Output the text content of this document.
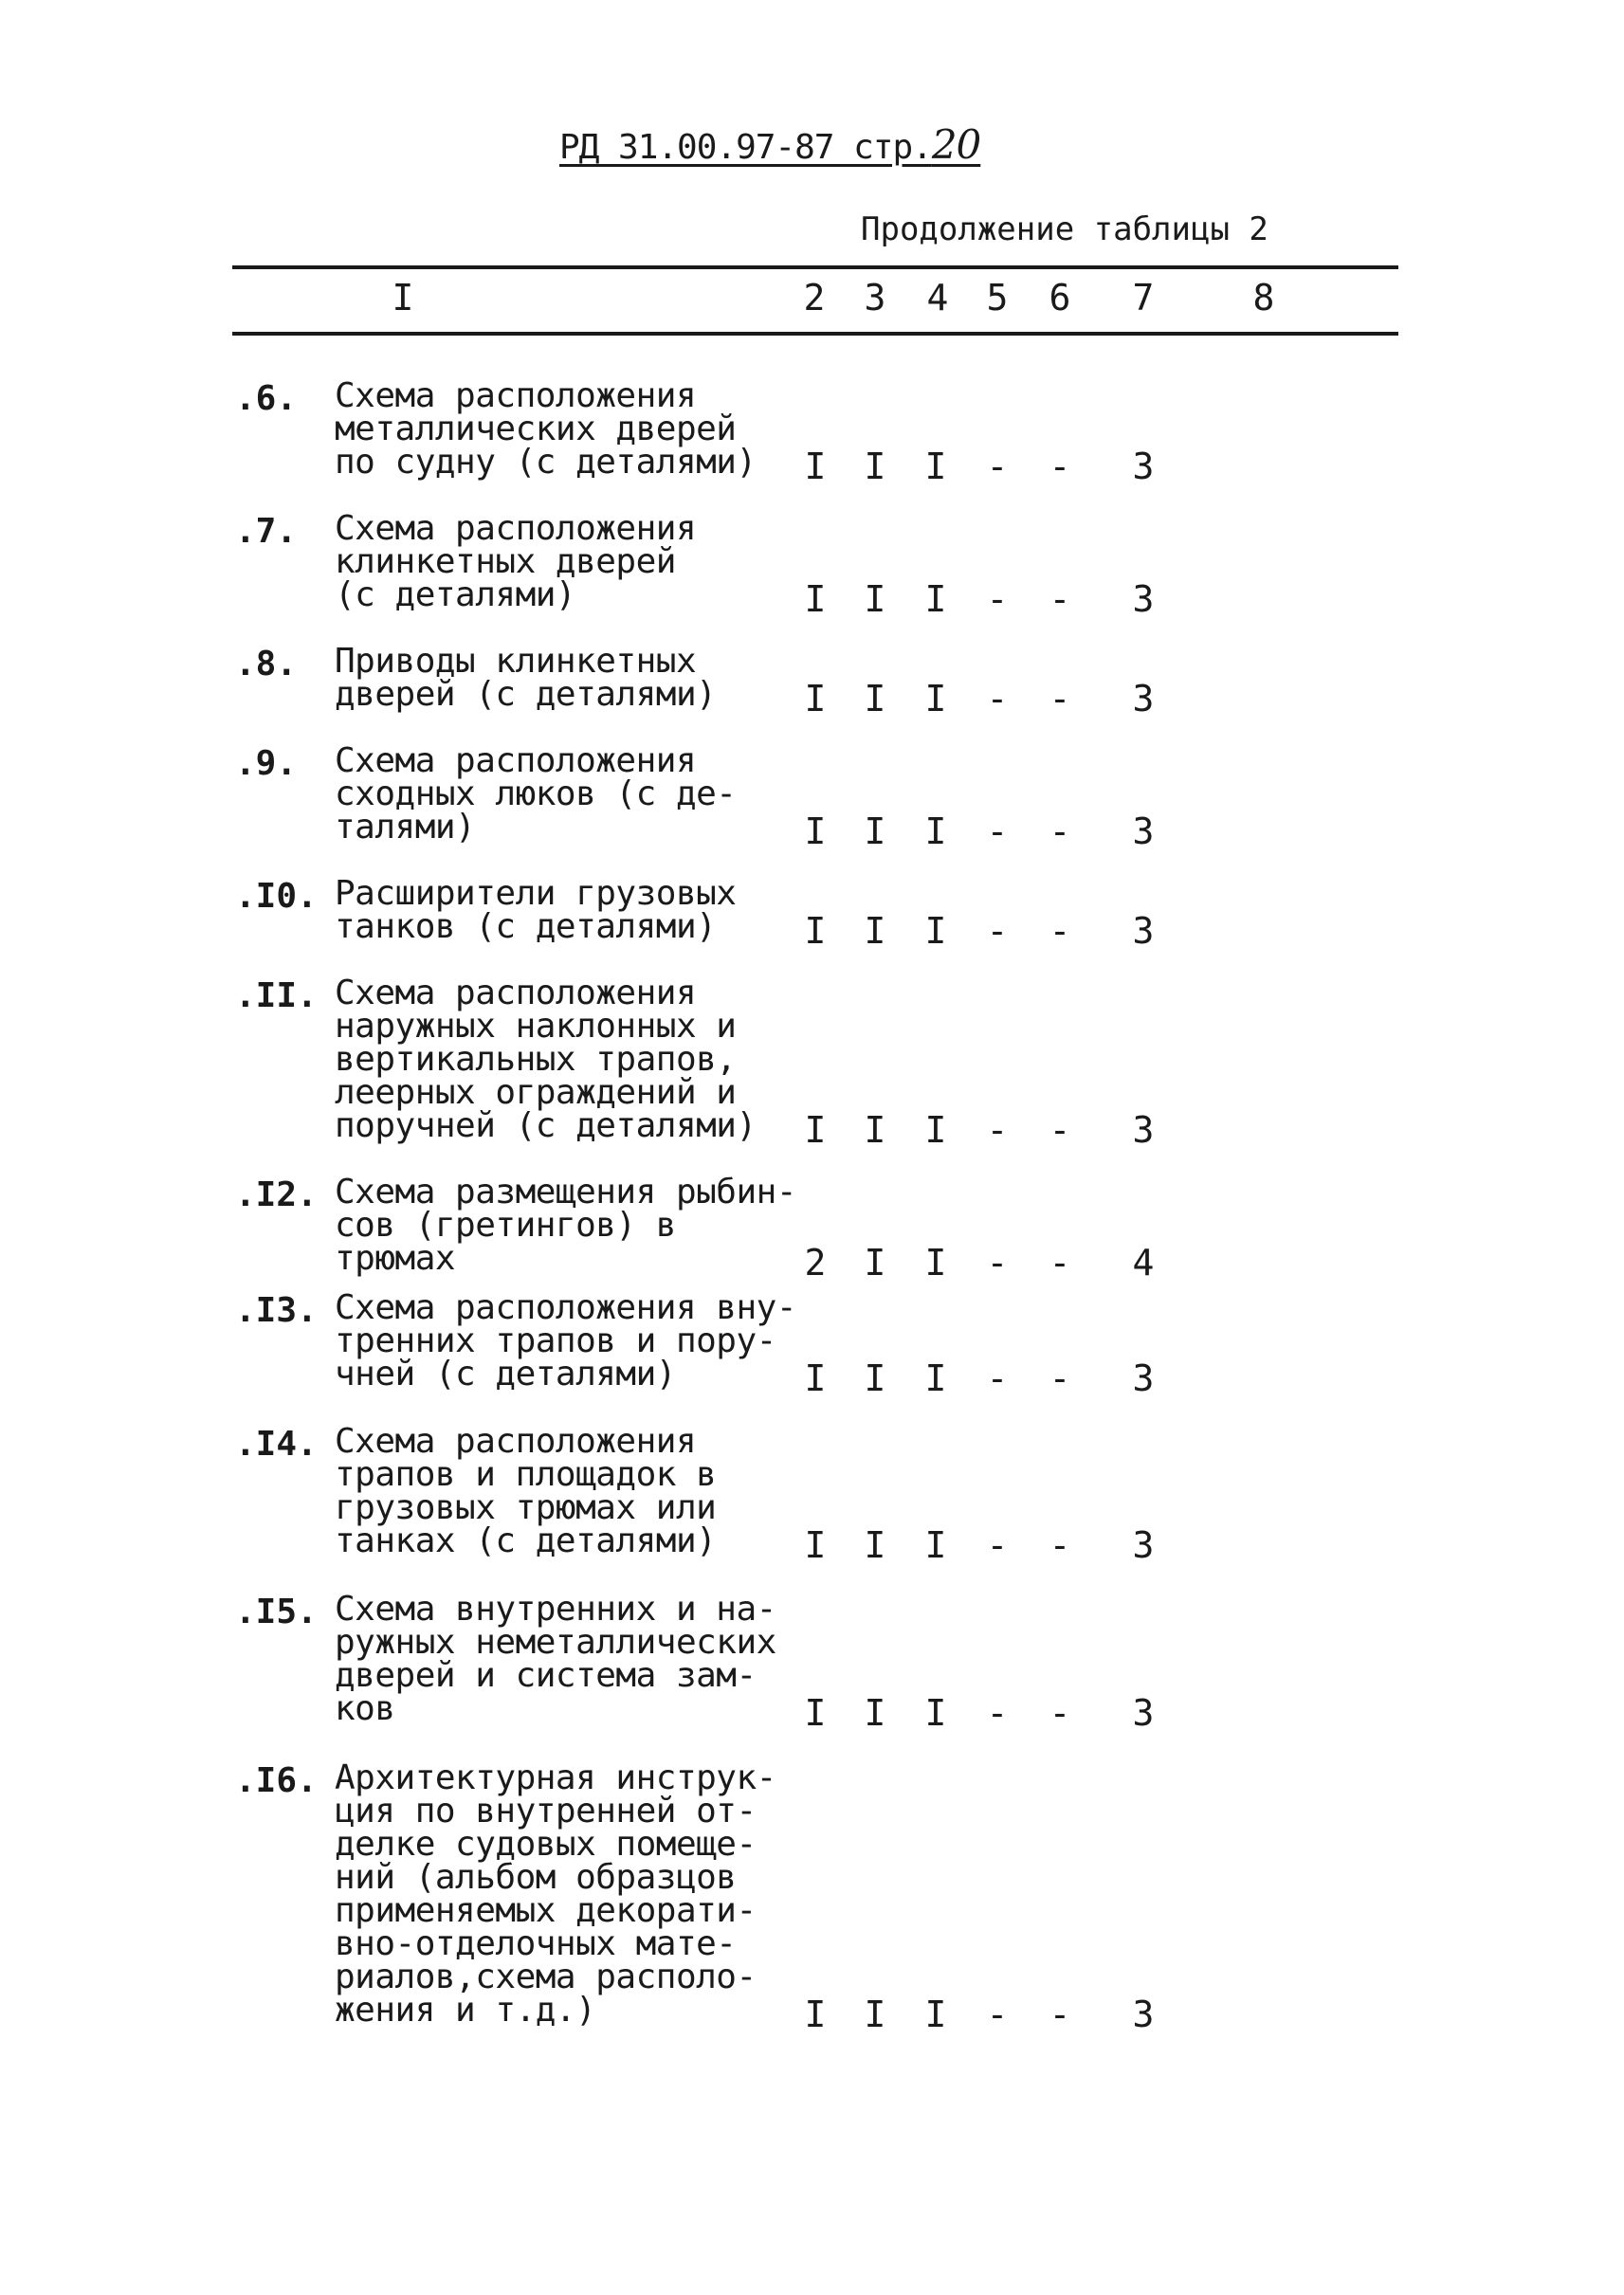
РД 31.00.97-87 стр.20
Продолжение таблицы 2
I	2 3 4 5 6 7	8
.6. Схема расположения
металлических дверей
по судну (с деталями) I I I - - 3
.7. Схема расположения
клинкетных дверей
(с деталями)	I I I - - 3
.8. Приводы клинкетных
дверей (с деталями) I I I - - 3
.9. Схема расположения
сходных люков (с де-
талями)	I I I - - 3
.I0. Расширители грузовых
танков (с деталями)	I I I - - 3
.II. Схема расположения
наружных наклонных и
вертикальных трапов,
леерных ограждений и
поручней (с деталями) I I I - - 3
.I2. Схема размещения рыбин-
сов (гретингов) в
трюмах	2 I I - - 4
.I3. Схема расположения вну-
тренних трапов и пору-
чней (с деталями)	I I I - - 3
.I4. Схема расположения
трапов и площадок в
грузовых трюмах или
танках (с деталями) I I I - - 3
.I5. Схема внутренних и на-
ружных неметаллических
дверей и система зам-
ков	I I I - - 3
.I6. Архитектурная инструк-
ция по внутренней от-
делке судовых помеще-
ний (альбом образцов
применяемых декорати-
вно-отделочных мате-
риалов,схема располо-
жения и т.д.)	I I I - - 3
